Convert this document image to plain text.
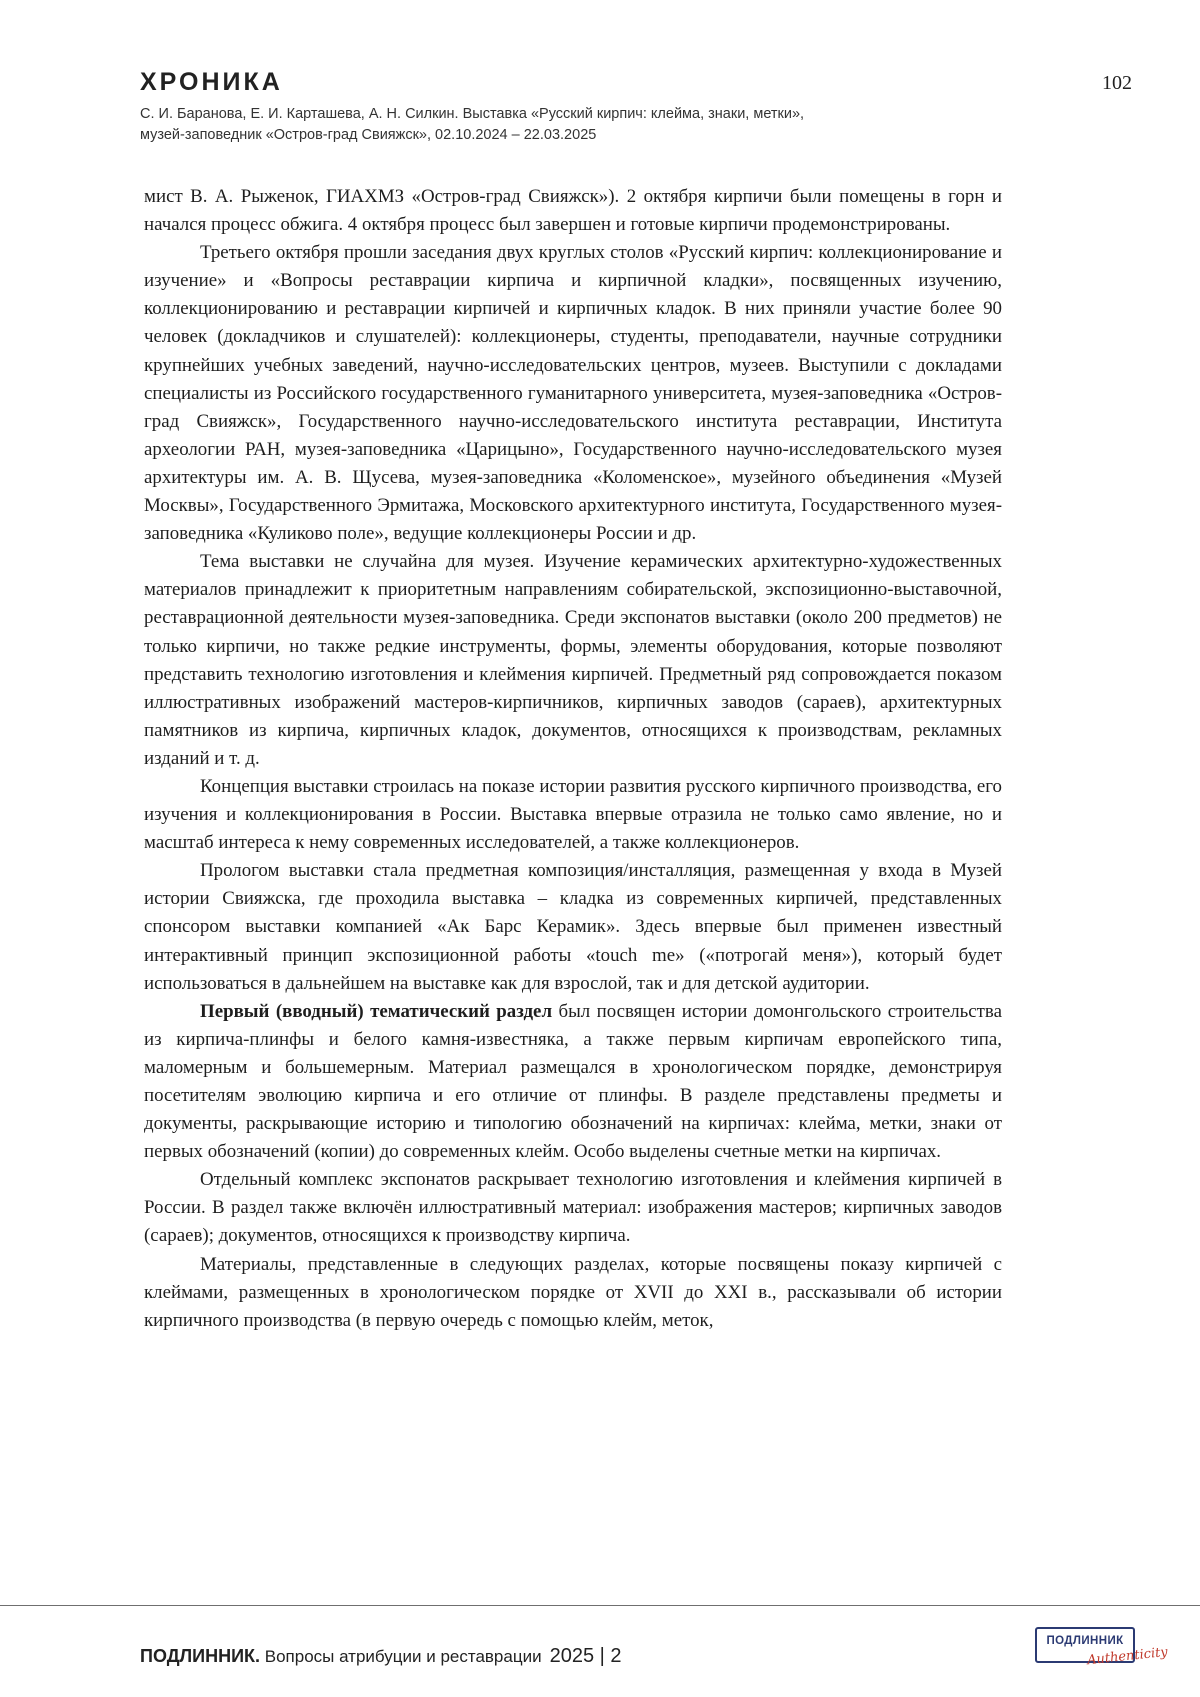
ХРОНИКА	102
С. И. Баранова, Е. И. Карташева, А. Н. Силкин. Выставка «Русский кирпич: клейма, знаки, метки»,
музей-заповедник «Остров-град Свияжск», 02.10.2024 – 22.03.2025

мист В. А. Рыженок, ГИАХМЗ «Остров-град Свияжск»). 2 октября кирпичи были помещены в горн и начался процесс обжига. 4 октября процесс был завершен и готовые кирпичи продемонстрированы.

Третьего октября прошли заседания двух круглых столов «Русский кирпич: коллекционирование и изучение» и «Вопросы реставрации кирпича и кирпичной кладки», посвященных изучению, коллекционированию и реставрации кирпичей и кирпичных кладок. В них приняли участие более 90 человек (докладчиков и слушателей): коллекционеры, студенты, преподаватели, научные сотрудники крупнейших учебных заведений, научно-исследовательских центров, музеев. Выступили с докладами специалисты из Российского государственного гуманитарного университета, музея-заповедника «Остров-град Свияжск», Государственного научно-исследовательского института реставрации, Института археологии РАН, музея-заповедника «Царицыно», Государственного научно-исследовательского музея архитектуры им. А. В. Щусева, музея-заповедника «Коломенское», музейного объединения «Музей Москвы», Государственного Эрмитажа, Московского архитектурного института, Государственного музея-заповедника «Куликово поле», ведущие коллекционеры России и др.

Тема выставки не случайна для музея. Изучение керамических архитектурно-художественных материалов принадлежит к приоритетным направлениям собирательской, экспозиционно-выставочной, реставрационной деятельности музея-заповедника. Среди экспонатов выставки (около 200 предметов) не только кирпичи, но также редкие инструменты, формы, элементы оборудования, которые позволяют представить технологию изготовления и клеймения кирпичей. Предметный ряд сопровождается показом иллюстративных изображений мастеров-кирпичников, кирпичных заводов (сараев), архитектурных памятников из кирпича, кирпичных кладок, документов, относящихся к производствам, рекламных изданий и т. д.

Концепция выставки строилась на показе истории развития русского кирпичного производства, его изучения и коллекционирования в России. Выставка впервые отразила не только само явление, но и масштаб интереса к нему современных исследователей, а также коллекционеров.

Прологом выставки стала предметная композиция/инсталляция, размещенная у входа в Музей истории Свияжска, где проходила выставка – кладка из современных кирпичей, представленных спонсором выставки компанией «Ак Барс Керамик». Здесь впервые был применен известный интерактивный принцип экспозиционной работы «touch me» («потрогай меня»), который будет использоваться в дальнейшем на выставке как для взрослой, так и для детской аудитории.

Первый (вводный) тематический раздел был посвящен истории домонгольского строительства из кирпича-плинфы и белого камня-известняка, а также первым кирпичам европейского типа, маломерным и большемерным. Материал размещался в хронологическом порядке, демонстрируя посетителям эволюцию кирпича и его отличие от плинфы. В разделе представлены предметы и документы, раскрывающие историю и типологию обозначений на кирпичах: клейма, метки, знаки от первых обозначений (копии) до современных клейм. Особо выделены счетные метки на кирпичах.

Отдельный комплекс экспонатов раскрывает технологию изготовления и клеймения кирпичей в России. В раздел также включён иллюстративный материал: изображения мастеров; кирпичных заводов (сараев); документов, относящихся к производству кирпича.

Материалы, представленные в следующих разделах, которые посвящены показу кирпичей с клеймами, размещенных в хронологическом порядке от XVII до XXI в., рассказывали об истории кирпичного производства (в первую очередь с помощью клейм, меток,

ПОДЛИННИК. Вопросы атрибуции и реставрации 2025 | 2
ПОДЛИННИК
Authenticity
